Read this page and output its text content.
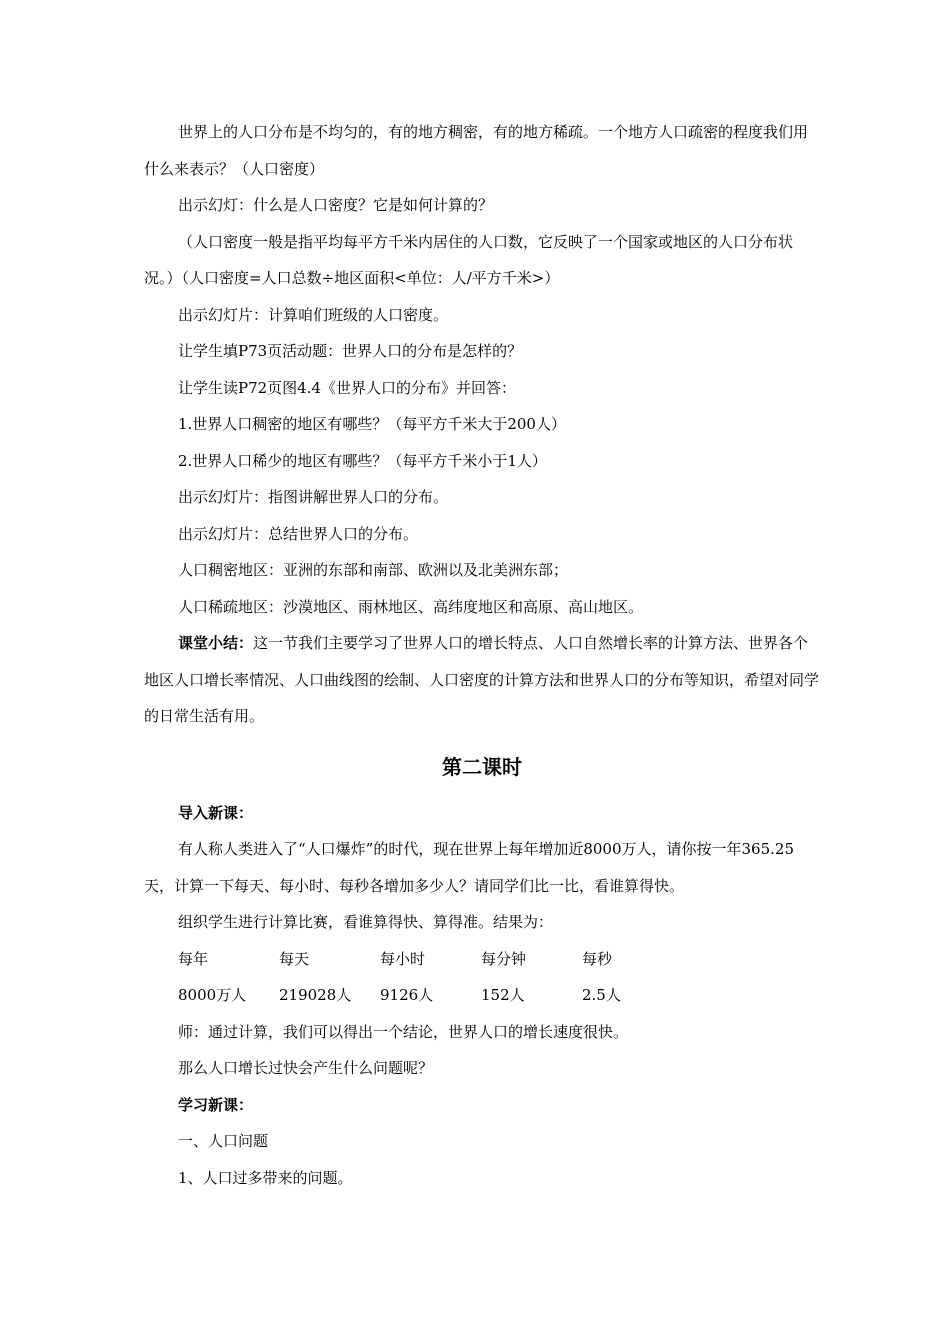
世界上的人口分布是不均匀的，有的地方稠密，有的地方稀疏。一个地方人口疏密的程度我们用什么来表示？（人口密度）

出示幻灯：什么是人口密度？它是如何计算的？

（人口密度一般是指平均每平方千米内居住的人口数，它反映了一个国家或地区的人口分布状况。）（人口密度=人口总数÷地区面积<单位：人/平方千米>）

出示幻灯片：计算咱们班级的人口密度。

让学生填P73页活动题：世界人口的分布是怎样的？

让学生读P72页图4.4《世界人口的分布》并回答：

1.世界人口稠密的地区有哪些？（每平方千米大于200人）

2.世界人口稀少的地区有哪些？（每平方千米小于1人）

出示幻灯片：指图讲解世界人口的分布。

出示幻灯片：总结世界人口的分布。

人口稠密地区：亚洲的东部和南部、欧洲以及北美洲东部；

人口稀疏地区：沙漠地区、雨林地区、高纬度地区和高原、高山地区。

课堂小结：这一节我们主要学习了世界人口的增长特点、人口自然增长率的计算方法、世界各个地区人口增长率情况、人口曲线图的绘制、人口密度的计算方法和世界人口的分布等知识，希望对同学的日常生活有用。

第二课时

导入新课：

有人称人类进入了“人口爆炸”的时代，现在世界上每年增加近8000万人，请你按一年365.25天，计算一下每天、每小时、每秒各增加多少人？请同学们比一比，看谁算得快。

组织学生进行计算比赛，看谁算得快、算得准。结果为：

每年	每天	每小时	每分钟	每秒
8000万人	219028人	9126人	152人	2.5人

师：通过计算，我们可以得出一个结论，世界人口的增长速度很快。

那么人口增长过快会产生什么问题呢？

学习新课：

一、人口问题

1、人口过多带来的问题。
